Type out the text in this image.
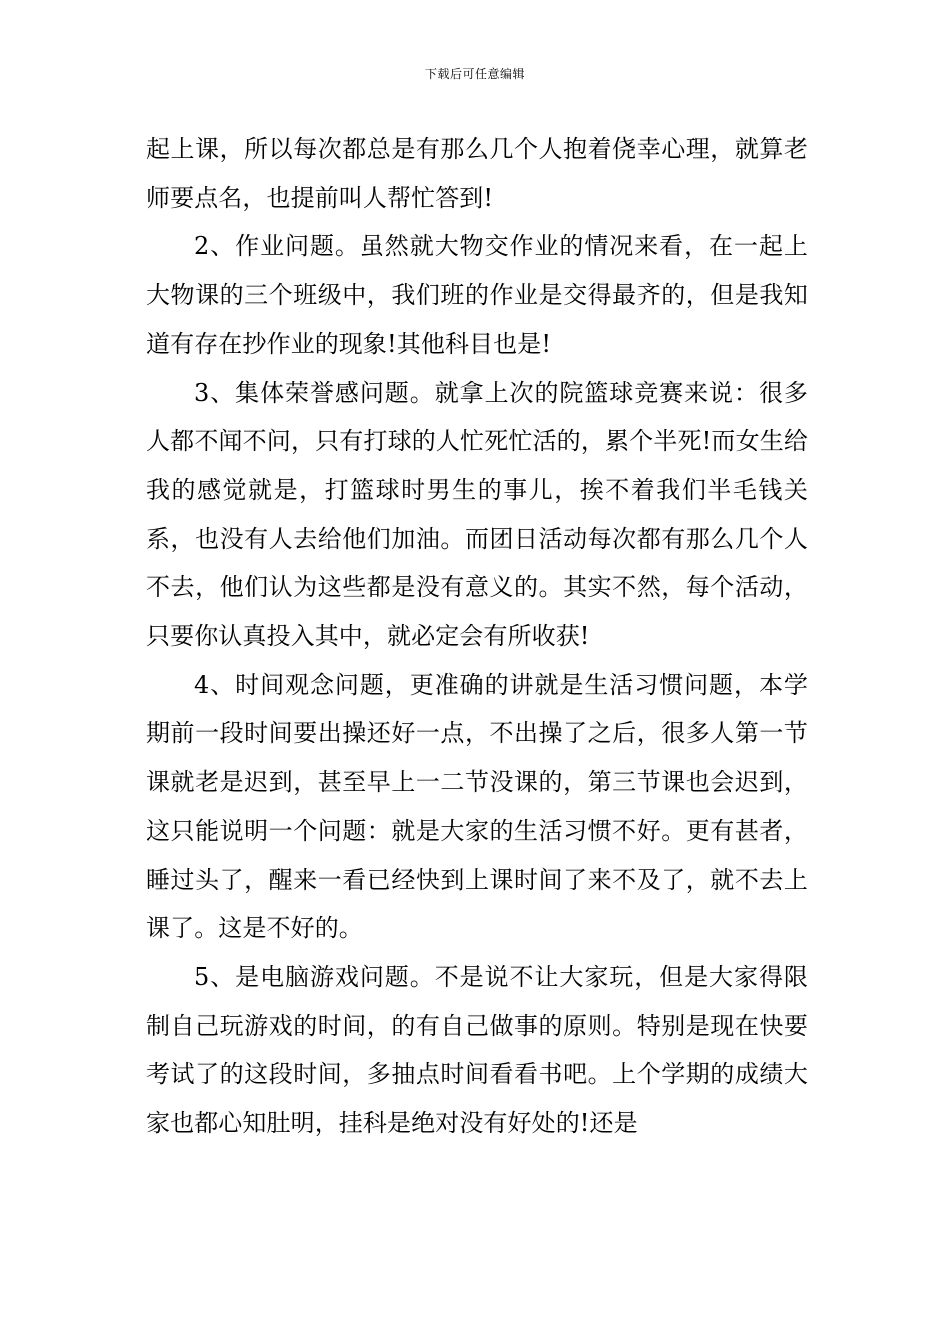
下载后可任意编辑

起上课，所以每次都总是有那么几个人抱着侥幸心理，就算老师要点名，也提前叫人帮忙答到!

2、作业问题。虽然就大物交作业的情况来看，在一起上大物课的三个班级中，我们班的作业是交得最齐的，但是我知道有存在抄作业的现象!其他科目也是!

3、集体荣誉感问题。就拿上次的院篮球竞赛来说：很多人都不闻不问，只有打球的人忙死忙活的，累个半死!而女生给我的感觉就是，打篮球时男生的事儿，挨不着我们半毛钱关系，也没有人去给他们加油。而团日活动每次都有那么几个人不去，他们认为这些都是没有意义的。其实不然，每个活动，只要你认真投入其中，就必定会有所收获!

4、时间观念问题，更准确的讲就是生活习惯问题，本学期前一段时间要出操还好一点，不出操了之后，很多人第一节课就老是迟到，甚至早上一二节没课的，第三节课也会迟到，这只能说明一个问题：就是大家的生活习惯不好。更有甚者，睡过头了，醒来一看已经快到上课时间了来不及了，就不去上课了。这是不好的。

5、是电脑游戏问题。不是说不让大家玩，但是大家得限制自己玩游戏的时间，的有自己做事的原则。特别是现在快要考试了的这段时间，多抽点时间看看书吧。上个学期的成绩大家也都心知肚明，挂科是绝对没有好处的!还是
